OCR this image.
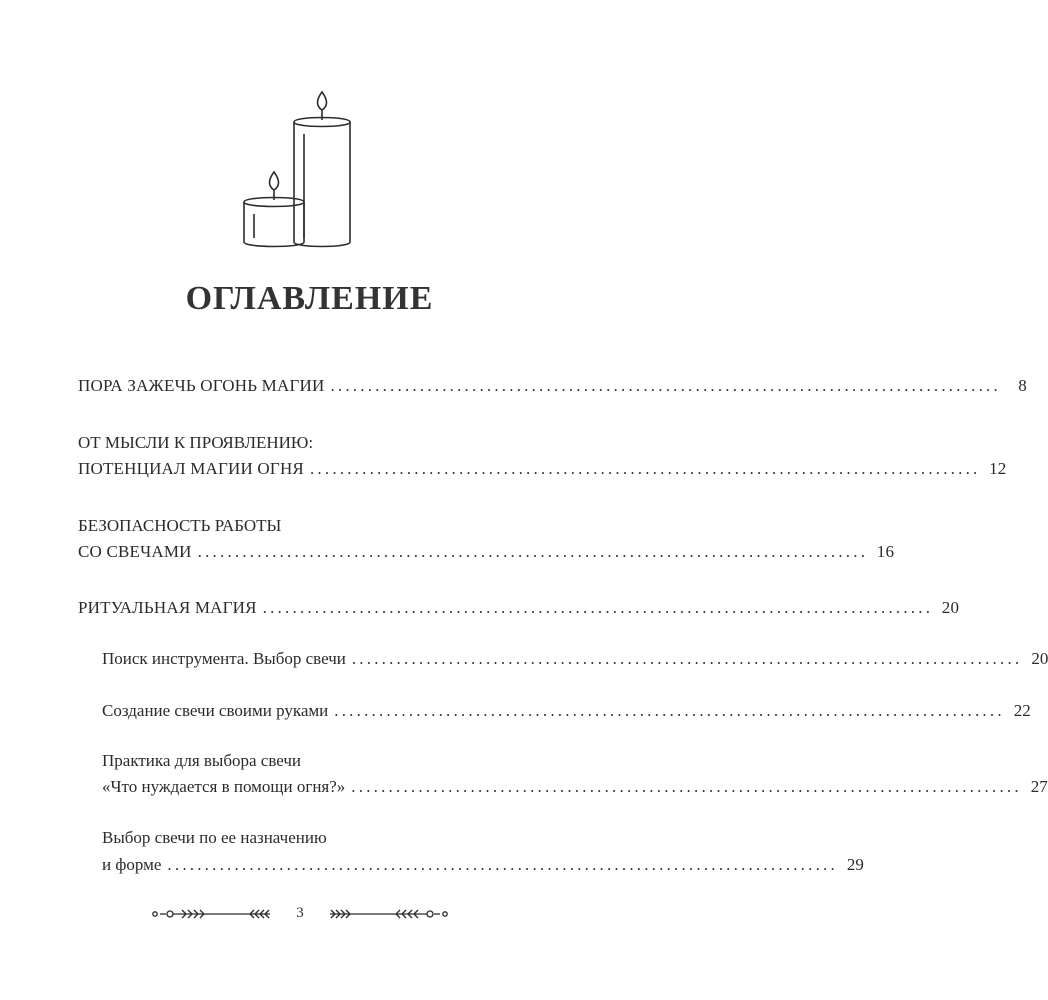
ОГЛАВЛЕНИЕ
ПОРА ЗАЖЕЧЬ ОГОНЬ МАГИИ ..........................................................................................	8
ОТ МЫСЛИ К ПРОЯВЛЕНИЮ:
ПОТЕНЦИАЛ МАГИИ ОГНЯ .......................................................................................... 12
БЕЗОПАСНОСТЬ РАБОТЫ
СО СВЕЧАМИ .......................................................................................... 16
РИТУАЛЬНАЯ МАГИЯ .......................................................................................... 20
Поиск инструмента. Выбор свечи .......................................................................................... 20
Создание свечи своими руками .......................................................................................... 22
Практика для выбора свечи
«Что нуждается в помощи огня?» .......................................................................................... 27
Выбор свечи по ее назначению
и форме .......................................................................................... 29
3
